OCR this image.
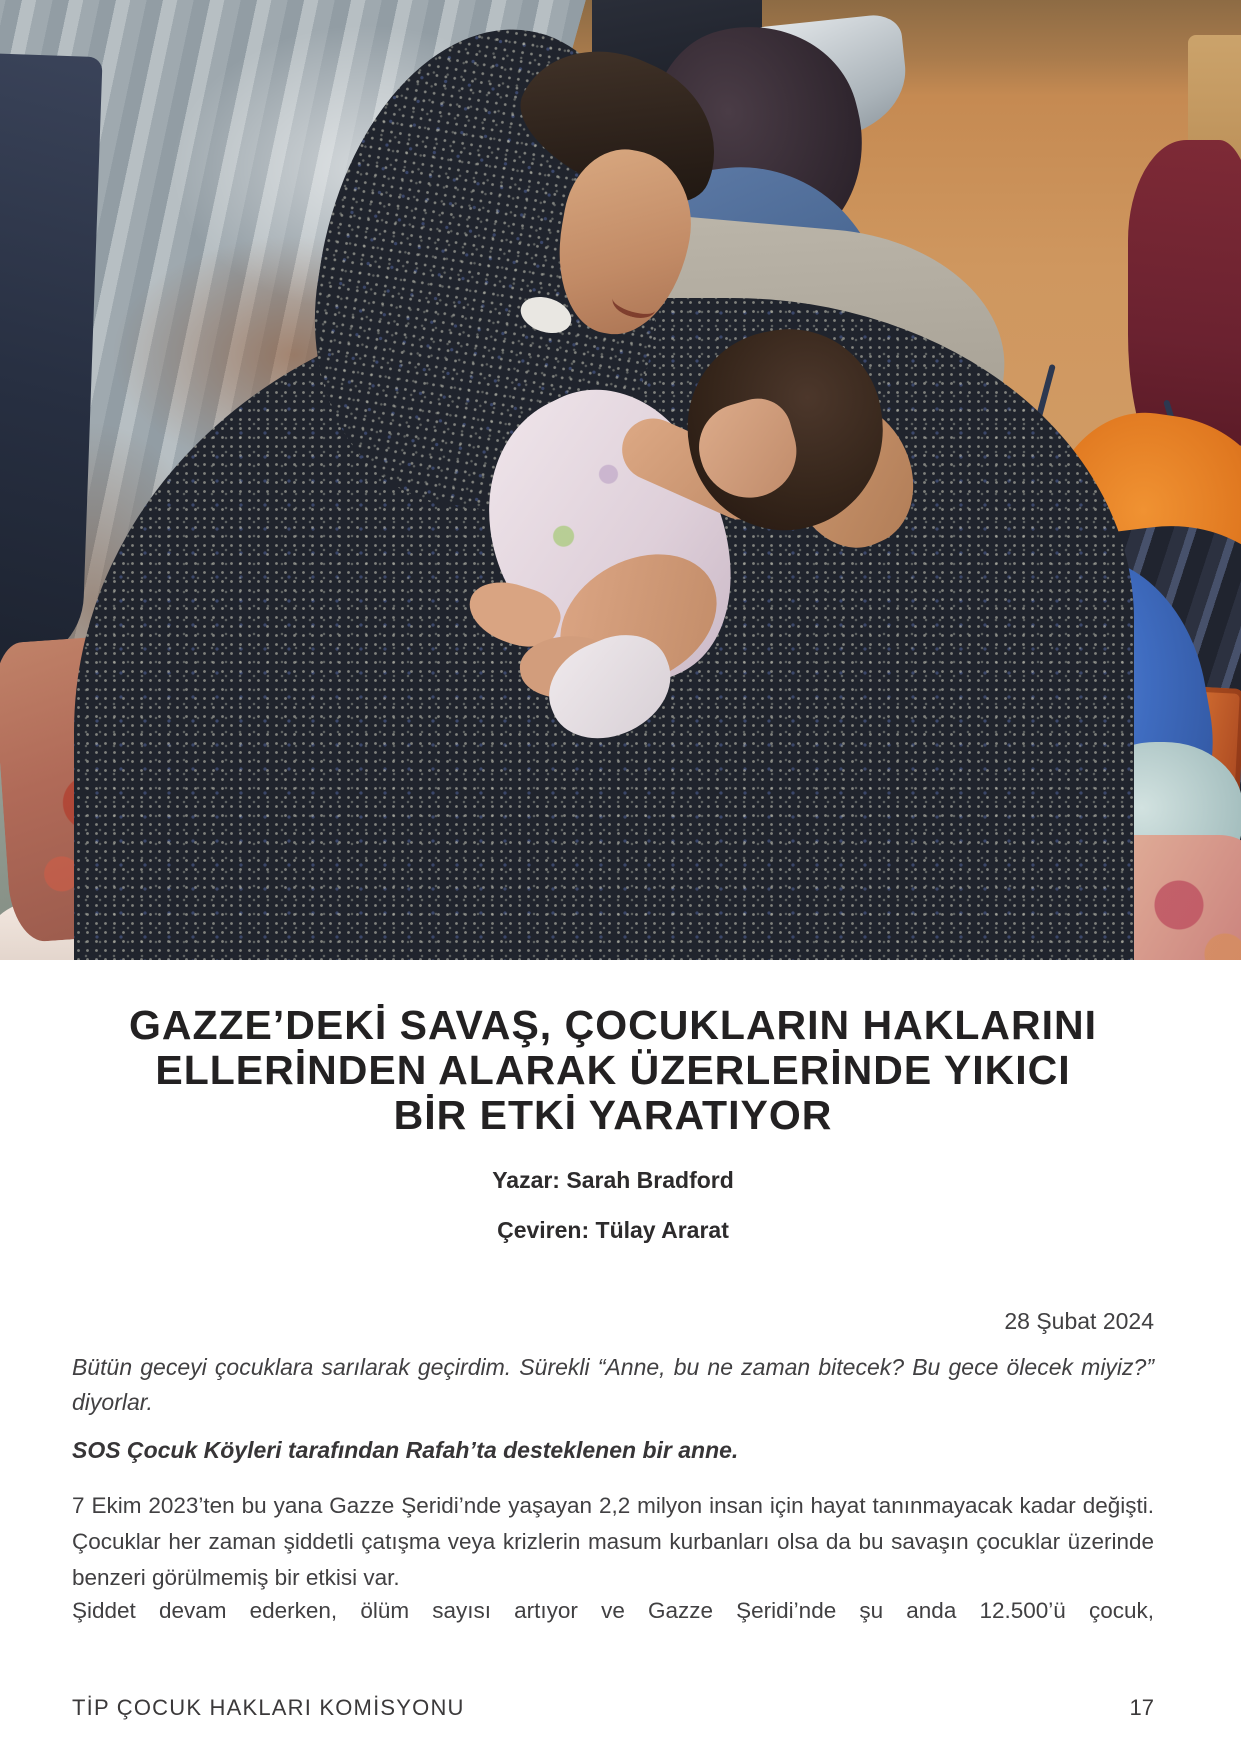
GAZZE’DEKİ SAVAŞ, ÇOCUKLARIN HAKLARINI
ELLERİNDEN ALARAK ÜZERLERİNDE YIKICI
BİR ETKİ YARATIYOR
Yazar: Sarah Bradford
Çeviren: Tülay Ararat
28 Şubat 2024
Bütün geceyi çocuklara sarılarak geçirdim. Sürekli “Anne, bu ne zaman bitecek? Bu gece ölecek miyiz?” diyorlar.
SOS Çocuk Köyleri tarafından Rafah’ta desteklenen bir anne.
7 Ekim 2023’ten bu yana Gazze Şeridi’nde yaşayan 2,2 milyon insan için hayat tanınmayacak kadar değişti. Çocuklar her zaman şiddetli çatışma veya krizlerin masum kurbanları olsa da bu savaşın çocuklar üzerinde benzeri görülmemiş bir etkisi var.
Şiddet devam ederken, ölüm sayısı artıyor ve Gazze Şeridi’nde şu anda 12.500’ü çocuk,
TİP ÇOCUK HAKLARI KOMİSYONU	17
